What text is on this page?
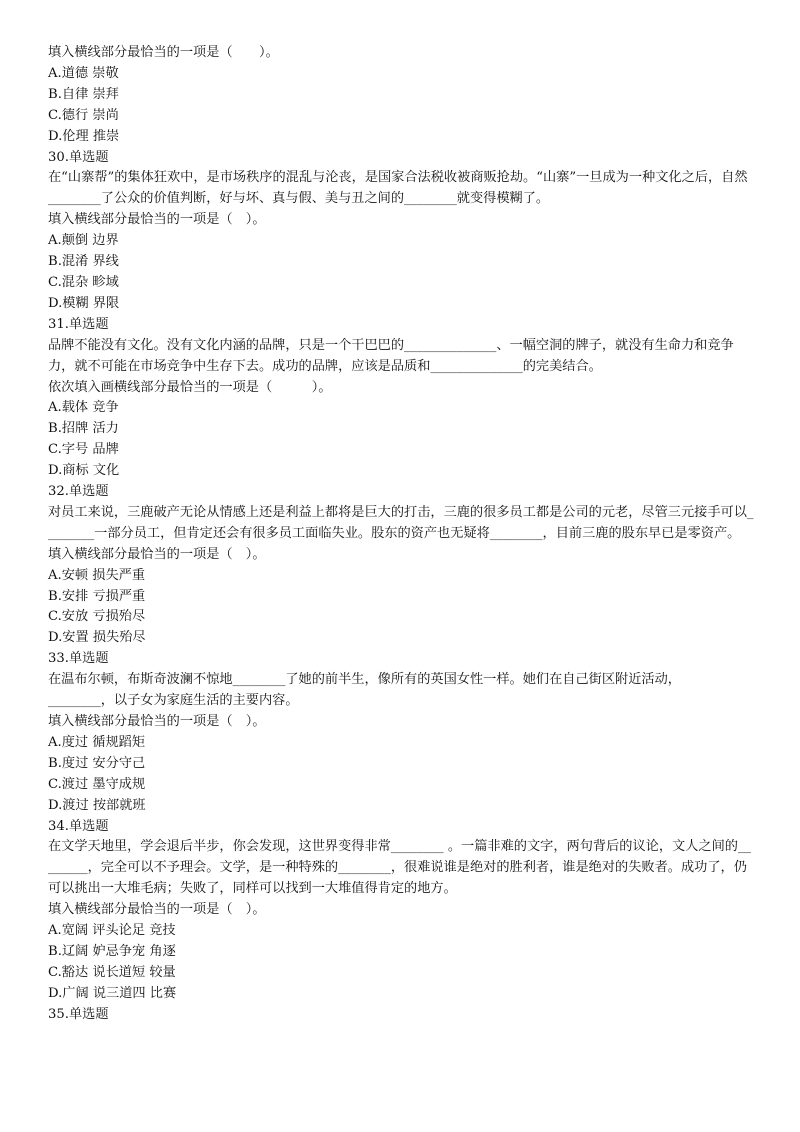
填入横线部分最恰当的一项是（　　）。
A.道德 崇敬
B.自律 崇拜
C.德行 崇尚
D.伦理 推崇
30.单选题
在“山寨帮”的集体狂欢中，是市场秩序的混乱与沦丧，是国家合法税收被商贩抢劫。“山寨”一旦成为一种文化之后，自然________了公众的价值判断，好与坏、真与假、美与丑之间的________就变得模糊了。
填入横线部分最恰当的一项是（　）。
A.颠倒 边界
B.混淆 界线
C.混杂 畛域
D.模糊 界限
31.单选题
品牌不能没有文化。没有文化内涵的品牌，只是一个干巴巴的______________、一幅空洞的牌子，就没有生命力和竞争力，就不可能在市场竞争中生存下去。成功的品牌，应该是品质和______________的完美结合。
依次填入画横线部分最恰当的一项是（　　　）。
A.载体 竞争
B.招牌 活力
C.字号 品牌
D.商标 文化
32.单选题
对员工来说，三鹿破产无论从情感上还是利益上都将是巨大的打击，三鹿的很多员工都是公司的元老，尽管三元接手可以________一部分员工，但肯定还会有很多员工面临失业。股东的资产也无疑将________，目前三鹿的股东早已是零资产。
填入横线部分最恰当的一项是（　）。
A.安顿 损失严重
B.安排 亏损严重
C.安放 亏损殆尽
D.安置 损失殆尽
33.单选题
在温布尔顿，布斯奇波澜不惊地________了她的前半生，像所有的英国女性一样。她们在自己街区附近活动，
________，以子女为家庭生活的主要内容。
填入横线部分最恰当的一项是（　）。
A.度过 循规蹈矩
B.度过 安分守己
C.渡过 墨守成规
D.渡过 按部就班
34.单选题
在文学天地里，学会退后半步，你会发现，这世界变得非常________ 。一篇非难的文字，两句背后的议论，文人之间的________，完全可以不予理会。文学，是一种特殊的________，很难说谁是绝对的胜利者，谁是绝对的失败者。成功了，仍可以挑出一大堆毛病；失败了，同样可以找到一大堆值得肯定的地方。
填入横线部分最恰当的一项是（　）。
A.宽阔 评头论足 竞技
B.辽阔 妒忌争宠 角逐
C.豁达 说长道短 较量
D.广阔 说三道四 比赛
35.单选题
